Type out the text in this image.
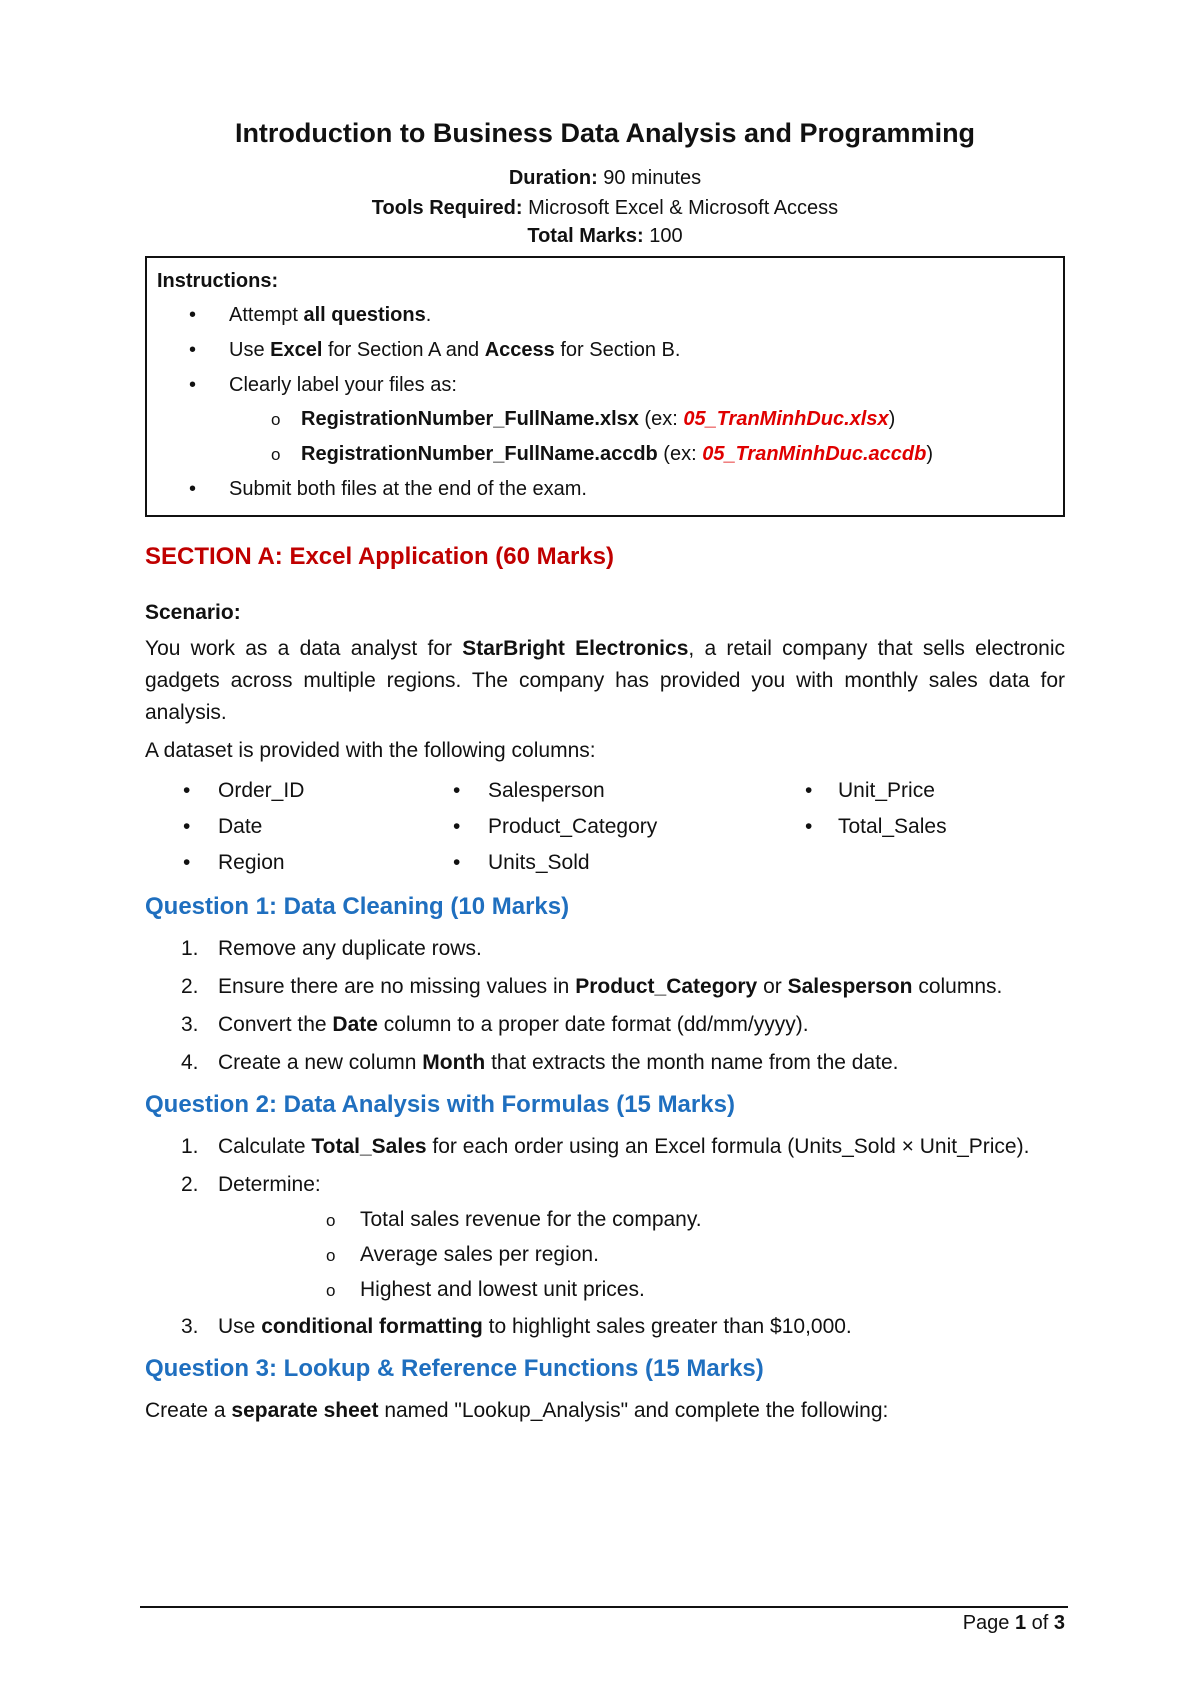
Introduction to Business Data Analysis and Programming

Duration: 90 minutes

Tools Required: Microsoft Excel & Microsoft Access

Total Marks: 100

Instructions:
• Attempt all questions.
• Use Excel for Section A and Access for Section B.
• Clearly label your files as:
o RegistrationNumber_FullName.xlsx (ex: 05_TranMinhDuc.xlsx)
o RegistrationNumber_FullName.accdb (ex: 05_TranMinhDuc.accdb)
• Submit both files at the end of the exam.
SECTION A: Excel Application (60 Marks)
Scenario:

You work as a data analyst for StarBright Electronics, a retail company that sells electronic gadgets across multiple regions. The company has provided you with monthly sales data for analysis.

A dataset is provided with the following columns:

• Order_ID
• Date
• Region
• Salesperson
• Product_Category
• Units_Sold
• Unit_Price
• Total_Sales
Question 1: Data Cleaning (10 Marks)
1. Remove any duplicate rows.
2. Ensure there are no missing values in Product_Category or Salesperson columns.
3. Convert the Date column to a proper date format (dd/mm/yyyy).
4. Create a new column Month that extracts the month name from the date.
Question 2: Data Analysis with Formulas (15 Marks)
1. Calculate Total_Sales for each order using an Excel formula (Units_Sold × Unit_Price).
2. Determine:
o Total sales revenue for the company.
o Average sales per region.
o Highest and lowest unit prices.
3. Use conditional formatting to highlight sales greater than $10,000.
Question 3: Lookup & Reference Functions (15 Marks)

Create a separate sheet named "Lookup_Analysis" and complete the following:

Page 1 of 3
